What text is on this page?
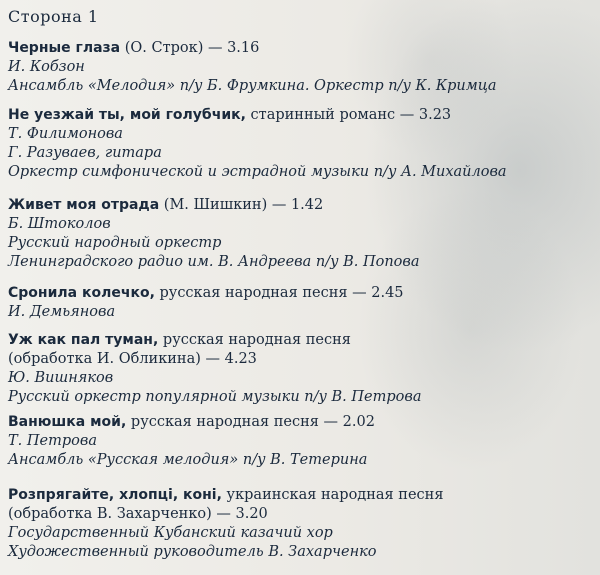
Сторона 1
Черные глаза (О. Строк) — 3.16
И. Кобзон
Ансамбль «Мелодия» п/у Б. Фрумкина. Оркестр п/у К. Кримца
Не уезжай ты, мой голубчик, старинный романс — 3.23
Т. Филимонова
Г. Разуваев, гитара
Оркестр симфонической и эстрадной музыки п/у А. Михайлова
Живет моя отрада (М. Шишкин) — 1.42
Б. Штоколов
Русский народный оркестр
Ленинградского радио им. В. Андреева п/у В. Попова
Сронила колечко, русская народная песня — 2.45
И. Демьянова
Уж как пал туман, русская народная песня
(обработка И. Обликина) — 4.23
Ю. Вишняков
Русский оркестр популярной музыки п/у В. Петрова
Ванюшка мой, русская народная песня — 2.02
Т. Петрова
Ансамбль «Русская мелодия» п/у В. Тетерина
Розпрягайте, хлопці, коні, украинская народная песня
(обработка В. Захарченко) — 3.20
Государственный Кубанский казачий хор
Художественный руководитель В. Захарченко
